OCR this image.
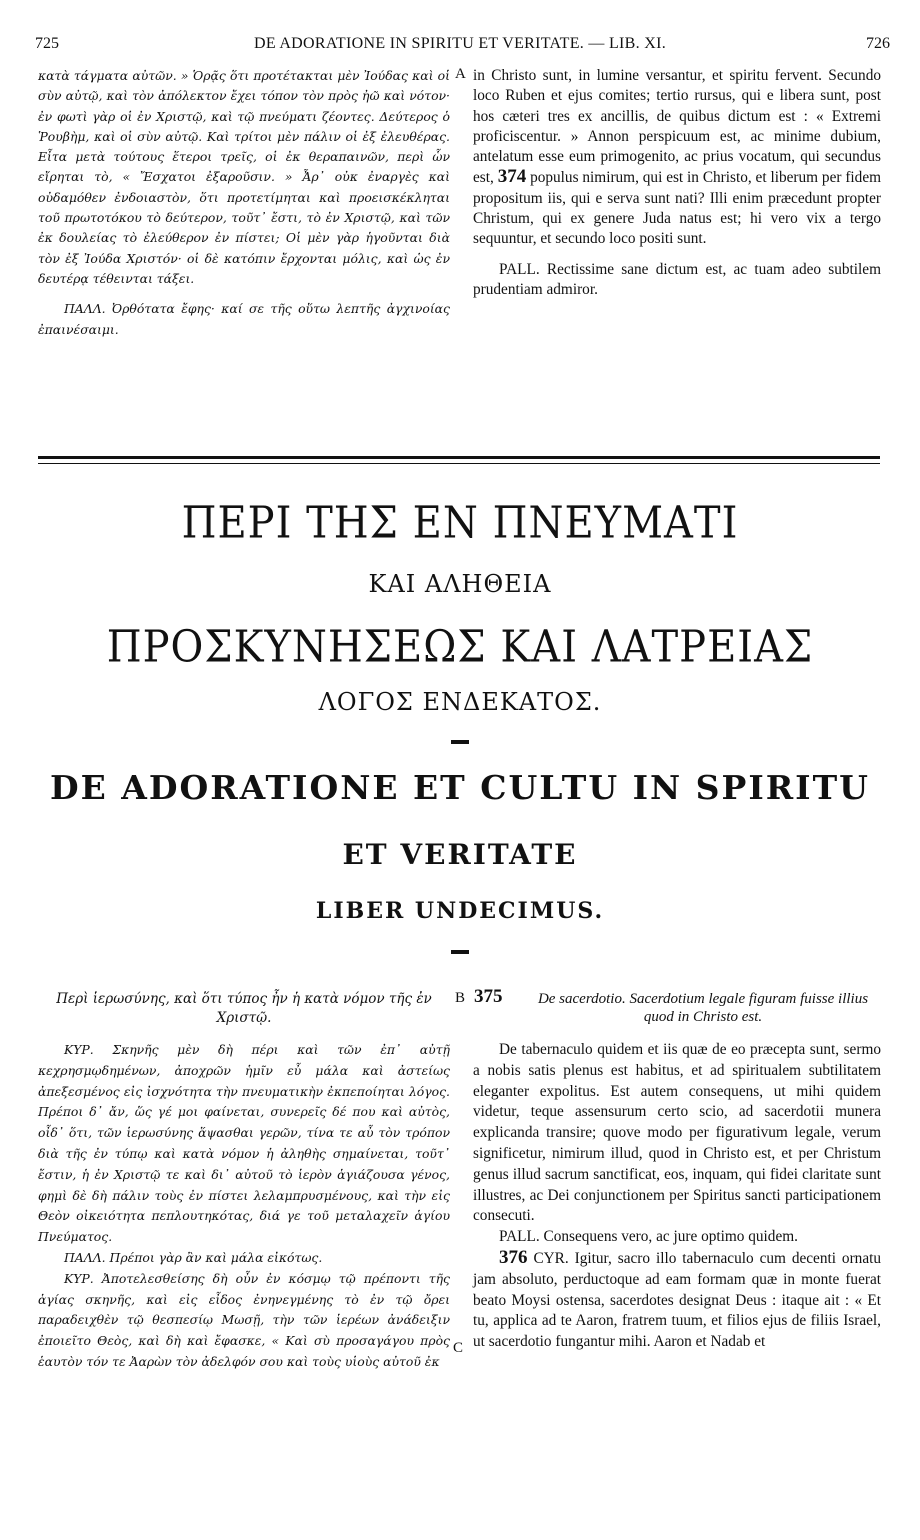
725	DE ADORATIONE IN SPIRITU ET VERITATE. — LIB. XI.	726

κατὰ τάγματα αὐτῶν. » Ὁρᾷς ὅτι προτέτακται μὲν Ἰούδας καὶ οἱ σὺν αὐτῷ, καὶ τὸν ἀπόλεκτον ἔχει τόπον τὸν πρὸς ἠῶ καὶ νότον· ἐν φωτὶ γὰρ οἱ ἐν Χριστῷ, καὶ τῷ πνεύματι ζέοντες. Δεύτερος ὁ Ῥουβὴμ, καὶ οἱ σὺν αὐτῷ. Καὶ τρίτοι μὲν πάλιν οἱ ἐξ ἐλευθέρας. Εἶτα μετὰ τούτους ἕτεροι τρεῖς, οἱ ἐκ θεραπαινῶν, περὶ ὧν εἴρηται τὸ, « Ἔσχατοι ἐξαροῦσιν. » Ἆρ᾽ οὐκ ἐναργὲς καὶ οὐδαμόθεν ἐνδοιαστὸν, ὅτι προτετίμηται καὶ προεισκέκληται τοῦ πρωτοτόκου τὸ δεύτερον, τοῦτ᾽ ἔστι, τὸ ἐν Χριστῷ, καὶ τῶν ἐκ δουλείας τὸ ἐλεύθερον ἐν πίστει; Οἱ μὲν γὰρ ἡγοῦνται διὰ τὸν ἐξ Ἰούδα Χριστόν· οἱ δὲ κατόπιν ἔρχονται μόλις, καὶ ὡς ἐν δευτέρᾳ τέθεινται τάξει.

ΠΑΛΛ. Ὀρθότατα ἔφης· καί σε τῆς οὕτω λεπτῆς ἀγχινοίας ἐπαινέσαιμι.

A in Christo sunt, in lumine versantur, et spiritu fervent. Secundo loco Ruben et ejus comites; tertio rursus, qui e libera sunt, post hos cæteri tres ex ancillis, de quibus dictum est : « Extremi proficiscentur. » Annon perspicuum est, ac minime dubium, antelatum esse eum primogenito, ac prius vocatum, qui secundus est, 374 populus nimirum, qui est in Christo, et liberum per fidem propositum iis, qui e serva sunt nati? Illi enim præcedunt propter Christum, qui ex genere Juda natus est; hi vero vix a tergo sequuntur, et secundo loco positi sunt.

PALL. Rectissime sane dictum est, ac tuam adeo subtilem prudentiam admiror.

ΠΕΡΙ ΤΗΣ ΕΝ ΠΝΕΥΜΑΤΙ
ΚΑΙ ΑΛΗΘΕΙΑ
ΠΡΟΣΚΥΝΗΣΕΩΣ ΚΑΙ ΛΑΤΡΕΙΑΣ
ΛΟΓΟΣ ΕΝΔΕΚΑΤΟΣ.
DE ADORATIONE ET CULTU IN SPIRITU
ET VERITATE
LIBER UNDECIMUS.
Περὶ ἱερωσύνης, καὶ ὅτι τύπος ἦν ἡ κατὰ νόμον τῆς ἐν Χριστῷ.
B 375	De sacerdotio. Sacerdotium legale figuram fuisse illius quod in Christo est.

ΚΥΡ. Σκηνῆς μὲν δὴ πέρι καὶ τῶν ἐπ᾽ αὐτῇ κεχρησμῳδημένων, ἀποχρῶν ἡμῖν εὖ μάλα καὶ ἀστείως ἀπεξεσμένος εἰς ἰσχνότητα τὴν πνευματικὴν ἐκπεποίηται λόγος. Πρέποι δ᾽ ἄν, ὥς γέ μοι φαίνεται, συνερεῖς δέ που καὶ αὐτὸς, οἶδ᾽ ὅτι, τῶν ἱερωσύνης ἅψασθαι γερῶν, τίνα τε αὖ τὸν τρόπον διὰ τῆς ἐν τύπῳ καὶ κατὰ νόμον ἡ ἀληθὴς σημαίνεται, τοῦτ᾽ ἔστιν, ἡ ἐν Χριστῷ τε καὶ δι᾽ αὐτοῦ τὸ ἱερὸν ἁγιάζουσα γένος, φημὶ δὲ δὴ πάλιν τοὺς ἐν πίστει λελαμπρυσμένους, καὶ τὴν εἰς Θεὸν οἰκειότητα πεπλουτηκότας, διά γε τοῦ μεταλαχεῖν ἁγίου Πνεύματος.

ΠΑΛΛ. Πρέποι γὰρ ἂν καὶ μάλα εἰκότως.

ΚΥΡ. Ἀποτελεσθείσης δὴ οὖν ἐν κόσμῳ τῷ πρέποντι τῆς ἁγίας σκηνῆς, καὶ εἰς εἶδος ἐνηνεγμένης τὸ ἐν τῷ ὄρει παραδειχθὲν τῷ θεσπεσίῳ Μωσῇ, τὴν τῶν ἱερέων ἀνάδειξιν ἐποιεῖτο Θεὸς, καὶ δὴ καὶ ἔφασκε, « Καὶ σὺ προσαγάγου πρὸς ἑαυτὸν τόν τε Ἀαρὼν τὸν ἀδελφόν σου καὶ τοὺς υἱοὺς αὐτοῦ ἐκ

C

De tabernaculo quidem et iis quæ de eo præcepta sunt, sermo a nobis satis plenus est habitus, et ad spiritualem subtilitatem eleganter expolitus. Est autem consequens, ut mihi quidem videtur, teque assensurum certo scio, ad sacerdotii munera explicanda transire; quove modo per figurativum legale, verum significetur, nimirum illud, quod in Christo est, et per Christum genus illud sacrum sanctificat, eos, inquam, qui fidei claritate sunt illustres, ac Dei conjunctionem per Spiritus sancti participationem consecuti.

PALL. Consequens vero, ac jure optimo quidem.

376 CYR. Igitur, sacro illo tabernaculo cum decenti ornatu jam absoluto, perductoque ad eam formam quæ in monte fuerat beato Moysi ostensa, sacerdotes designat Deus : itaque ait : « Et tu, applica ad te Aaron, fratrem tuum, et filios ejus de filiis Israel, ut sacerdotio fungantur mihi. Aaron et Nadab et
